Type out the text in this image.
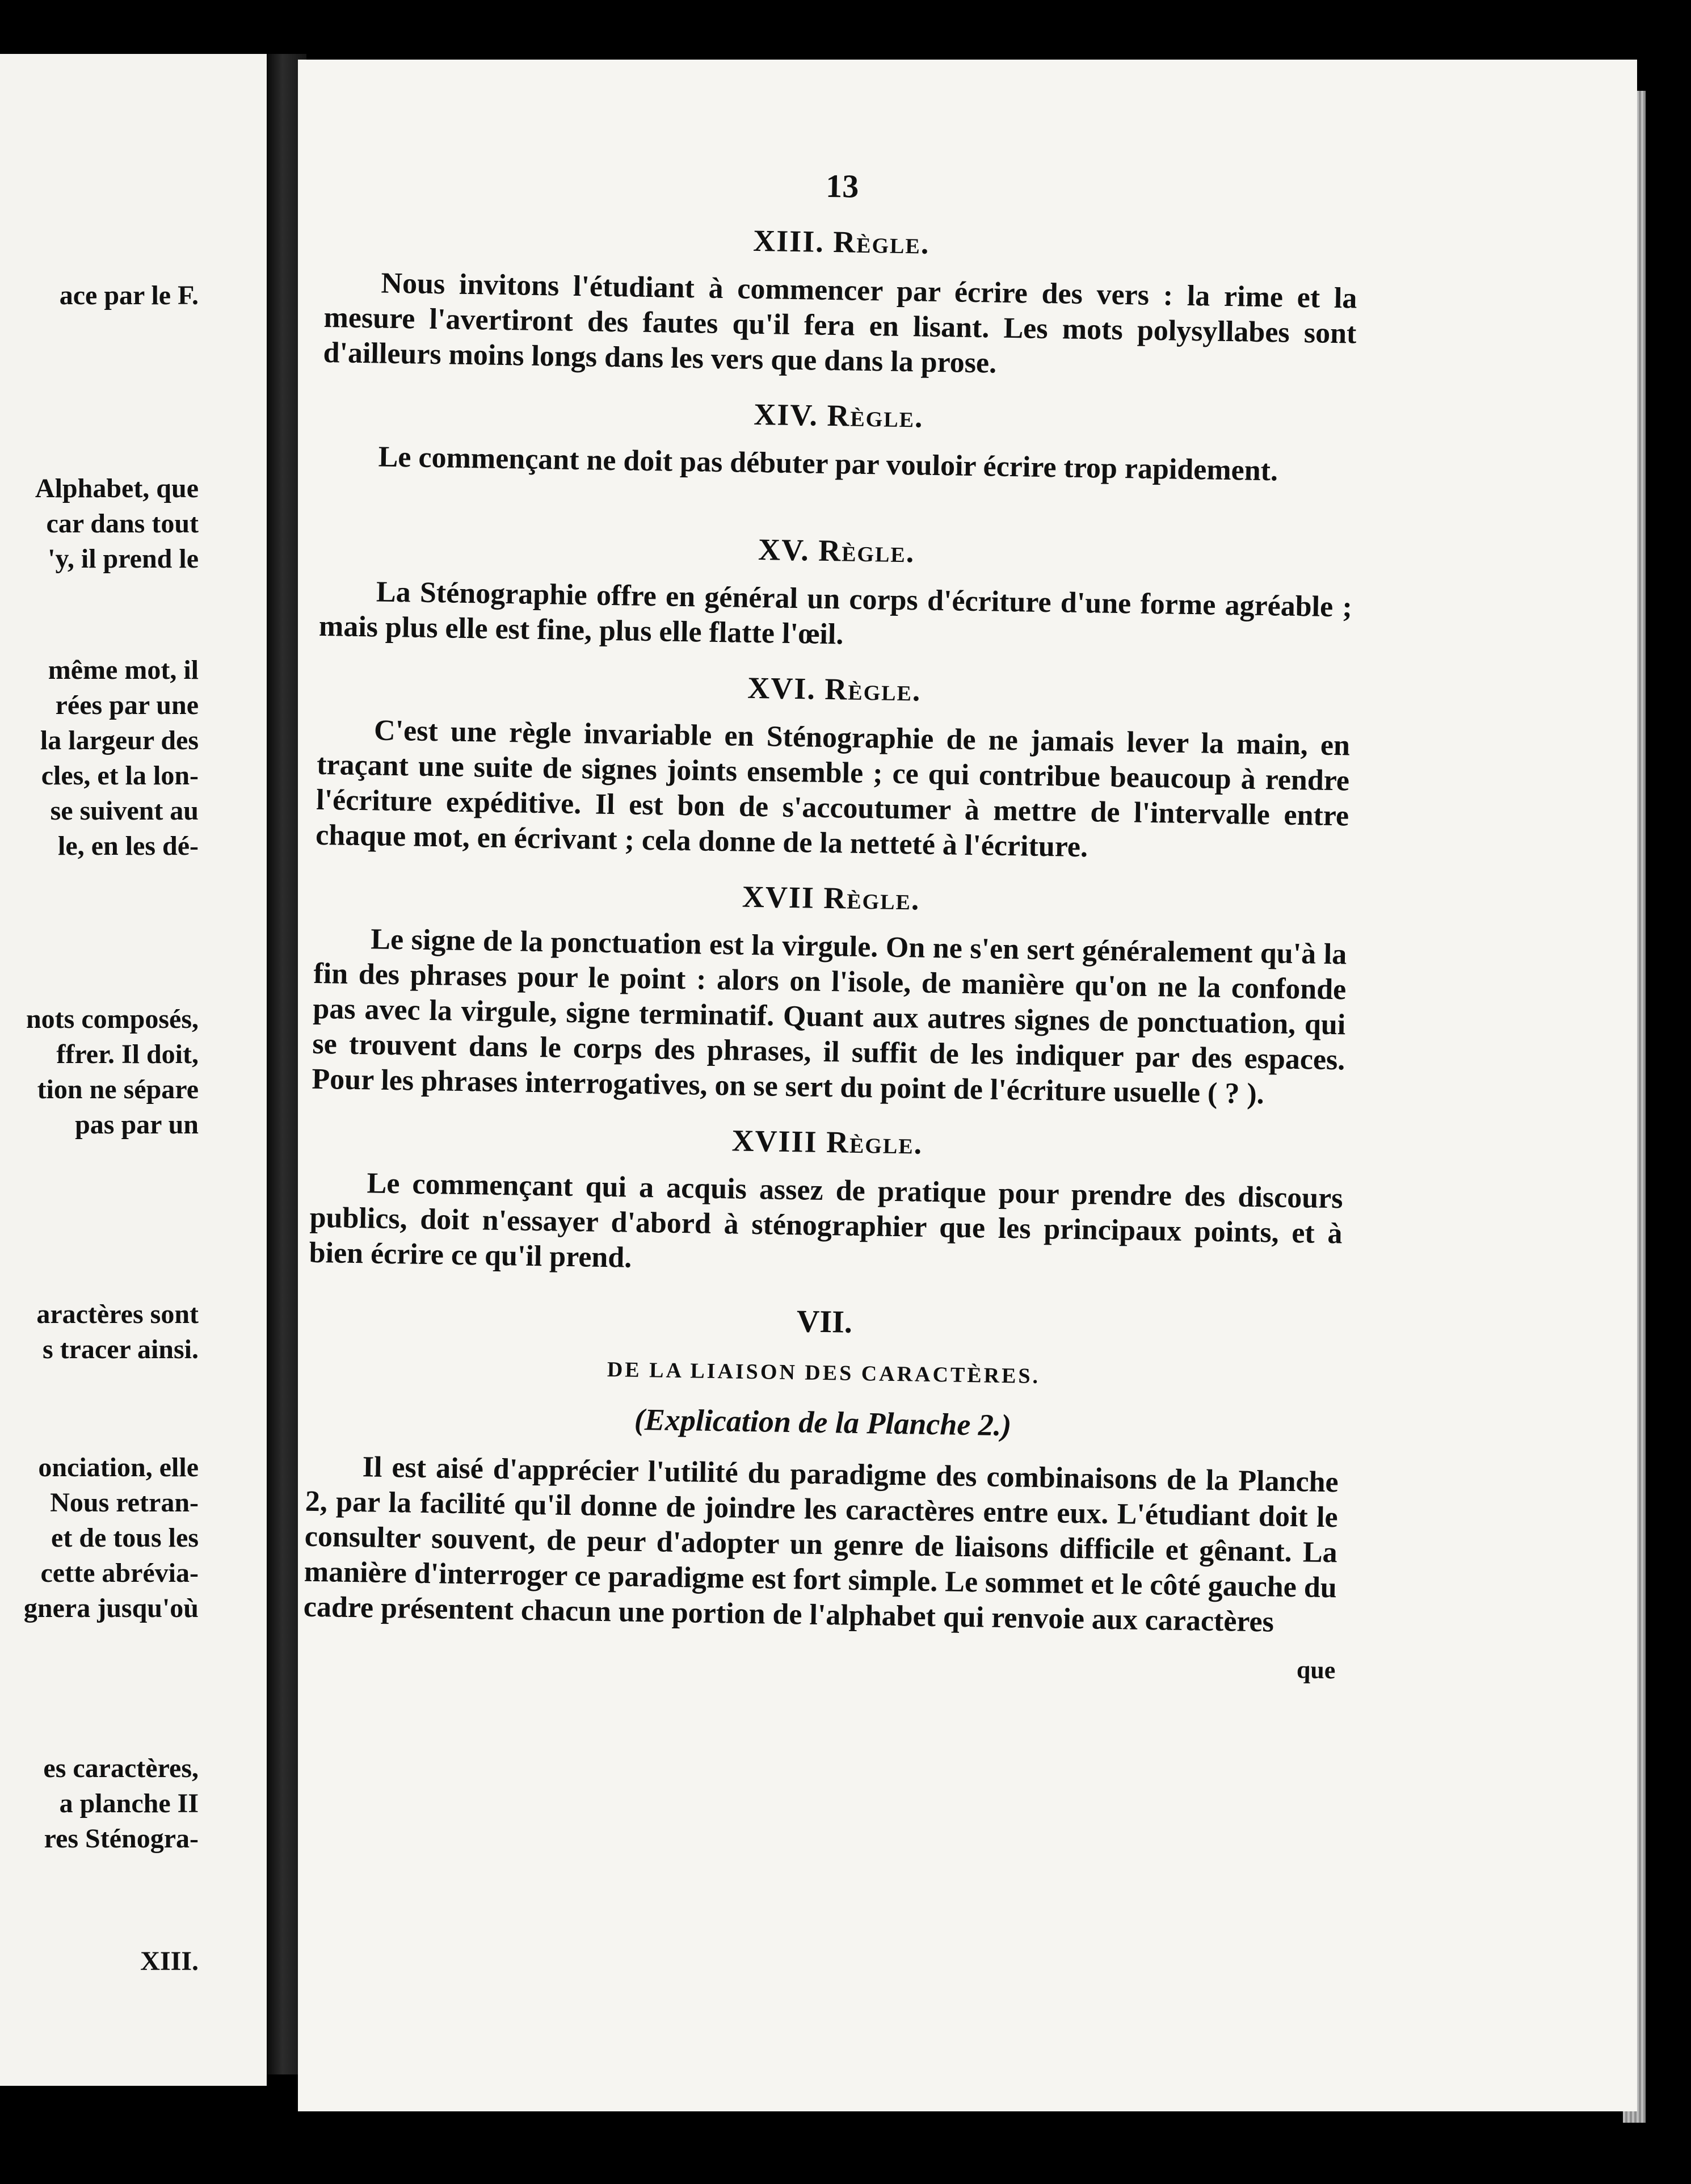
ace par le F.

Alphabet, que
car dans tout
'y, il prend le

même mot, il
rées par une
la largeur des
cles, et la lon-
se suivent au
le, en les dé-

nots composés,
ffrer. Il doit,
tion ne sépare
pas par un

aractères sont
s tracer ainsi.

onciation, elle
Nous retran-
et de tous les
cette abrévia-
gnera jusqu'où

es caractères,
a planche II
res Sténogra-

XIII.

13
XIII. Règle.

Nous invitons l'étudiant à commencer par écrire des vers : la rime et la mesure l'avertiront des fautes qu'il fera en lisant. Les mots polysyllabes sont d'ailleurs moins longs dans les vers que dans la prose.

XIV. Règle.

Le commençant ne doit pas débuter par vouloir écrire trop rapidement.

XV. Règle.

La Sténographie offre en général un corps d'écriture d'une forme agréable ; mais plus elle est fine, plus elle flatte l'œil.

XVI. Règle.

C'est une règle invariable en Sténographie de ne jamais lever la main, en traçant une suite de signes joints ensemble ; ce qui contribue beaucoup à rendre l'écriture expéditive. Il est bon de s'accoutumer à mettre de l'intervalle entre chaque mot, en écrivant ; cela donne de la netteté à l'écriture.

XVII Règle.

Le signe de la ponctuation est la virgule. On ne s'en sert généralement qu'à la fin des phrases pour le point : alors on l'isole, de manière qu'on ne la confonde pas avec la virgule, signe terminatif. Quant aux autres signes de ponctuation, qui se trouvent dans le corps des phrases, il suffit de les indiquer par des espaces. Pour les phrases interrogatives, on se sert du point de l'écriture usuelle ( ? ).

XVIII Règle.

Le commençant qui a acquis assez de pratique pour prendre des discours publics, doit n'essayer d'abord à sténographier que les principaux points, et à bien écrire ce qu'il prend.

VII.
DE LA LIAISON DES CARACTÈRES.
(Explication de la Planche 2.)

Il est aisé d'apprécier l'utilité du paradigme des combinaisons de la Planche 2, par la facilité qu'il donne de joindre les caractères entre eux. L'étudiant doit le consulter souvent, de peur d'adopter un genre de liaisons difficile et gênant. La manière d'interroger ce paradigme est fort simple. Le sommet et le côté gauche du cadre présentent chacun une portion de l'alphabet qui renvoie aux caractères

que
